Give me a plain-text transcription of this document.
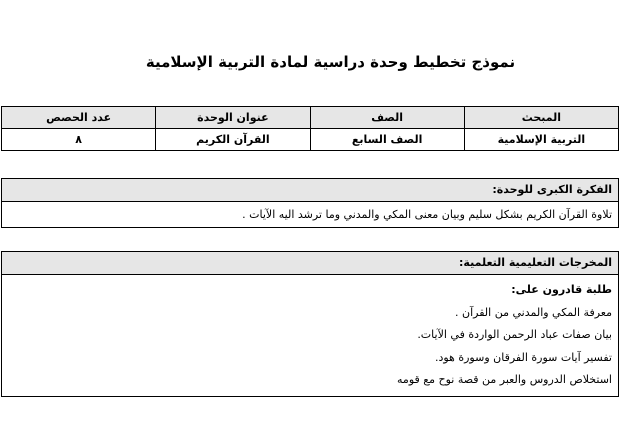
نموذج تخطيط وحدة دراسية لمادة التربية الإسلامية
المبحث	الصف	عنوان الوحدة	عدد الحصص
التربية الإسلامية	الصف السابع	القرآن الكريم	٨
الفكرة الكبرى للوحدة:
تلاوة القرآن الكريم بشكل سليم وبيان معنى المكي والمدني وما ترشد اليه الآيات .
المخرجات التعليمية التعلمية:
طلبة قادرون على:
معرفة المكي والمدني من القرآن .
بيان صفات عباد الرحمن الواردة في الآيات.
تفسير آيات سورة الفرقان وسورة هود.
استخلاص الدروس والعبر من قصة نوح مع قومه
